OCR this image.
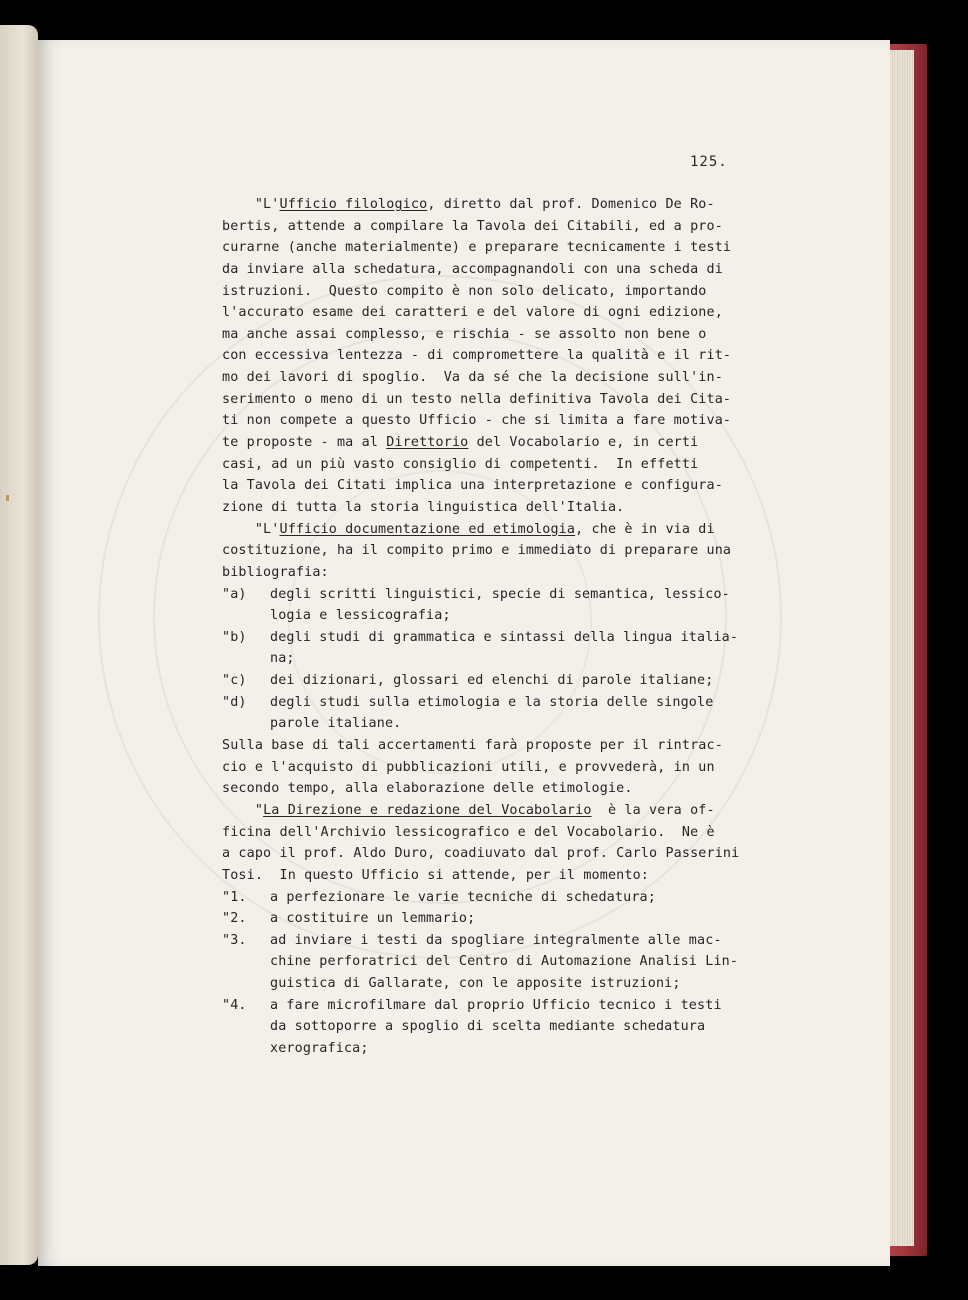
125.
"L'Ufficio filologico, diretto dal prof. Domenico De Ro-
bertis, attende a compilare la Tavola dei Citabili, ed a pro-
curarne (anche materialmente) e preparare tecnicamente i testi
da inviare alla schedatura, accompagnandoli con una scheda di
istruzioni.  Questo compito è non solo delicato, importando
l'accurato esame dei caratteri e del valore di ogni edizione,
ma anche assai complesso, e rischia - se assolto non bene o
con eccessiva lentezza - di compromettere la qualità e il rit-
mo dei lavori di spoglio.  Va da sé che la decisione sull'in-
serimento o meno di un testo nella definitiva Tavola dei Cita-
ti non compete a questo Ufficio - che si limita a fare motiva-
te proposte - ma al Direttorio del Vocabolario e, in certi
casi, ad un più vasto consiglio di competenti.  In effetti
la Tavola dei Citati implica una interpretazione e configura-
zione di tutta la storia linguistica dell'Italia.
"L'Ufficio documentazione ed etimologia, che è in via di
costituzione, ha il compito primo e immediato di preparare una
bibliografia:
"a)	degli scritti linguistici, specie di semantica, lessico-
logia e lessicografia;
"b)	degli studi di grammatica e sintassi della lingua italia-
na;
"c)	dei dizionari, glossari ed elenchi di parole italiane;
"d)	degli studi sulla etimologia e la storia delle singole
parole italiane.
Sulla base di tali accertamenti farà proposte per il rintrac-
cio e l'acquisto di pubblicazioni utili, e provvederà, in un
secondo tempo, alla elaborazione delle etimologie.
"La Direzione e redazione del Vocabolario  è la vera of-
ficina dell'Archivio lessicografico e del Vocabolario.  Ne è
a capo il prof. Aldo Duro, coadiuvato dal prof. Carlo Passerini
Tosi.  In questo Ufficio si attende, per il momento:
"1.	a perfezionare le varie tecniche di schedatura;
"2.	a costituire un lemmario;
"3.	ad inviare i testi da spogliare integralmente alle mac-
chine perforatrici del Centro di Automazione Analisi Lin-
guistica di Gallarate, con le apposite istruzioni;
"4.	a fare microfilmare dal proprio Ufficio tecnico i testi
da sottoporre a spoglio di scelta mediante schedatura
xerografica;
